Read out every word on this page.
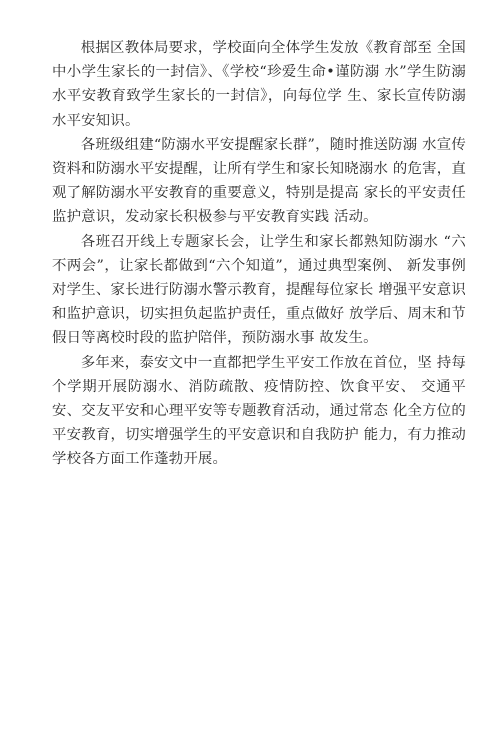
根据区教体局要求，学校面向全体学生发放《教育部至 全国中小学生家长的一封信》、《学校“珍爱生命•谨防溺 水”学生防溺水平安教育致学生家长的一封信》，向每位学 生、家长宣传防溺水平安知识。

各班级组建“防溺水平安提醒家长群”，随时推送防溺 水宣传资料和防溺水平安提醒，让所有学生和家长知晓溺水 的危害，直观了解防溺水平安教育的重要意义，特别是提高 家长的平安责任监护意识，发动家长积极参与平安教育实践 活动。

各班召开线上专题家长会，让学生和家长都熟知防溺水 “六不两会”，让家长都做到“六个知道”，通过典型案例、 新发事例对学生、家长进行防溺水警示教育，提醒每位家长 增强平安意识和监护意识，切实担负起监护责任，重点做好 放学后、周末和节假日等离校时段的监护陪伴，预防溺水事 故发生。

多年来，泰安文中一直都把学生平安工作放在首位，坚 持每个学期开展防溺水、消防疏散、疫情防控、饮食平安、 交通平安、交友平安和心理平安等专题教育活动，通过常态 化全方位的平安教育，切实增强学生的平安意识和自我防护 能力，有力推动学校各方面工作蓬勃开展。
